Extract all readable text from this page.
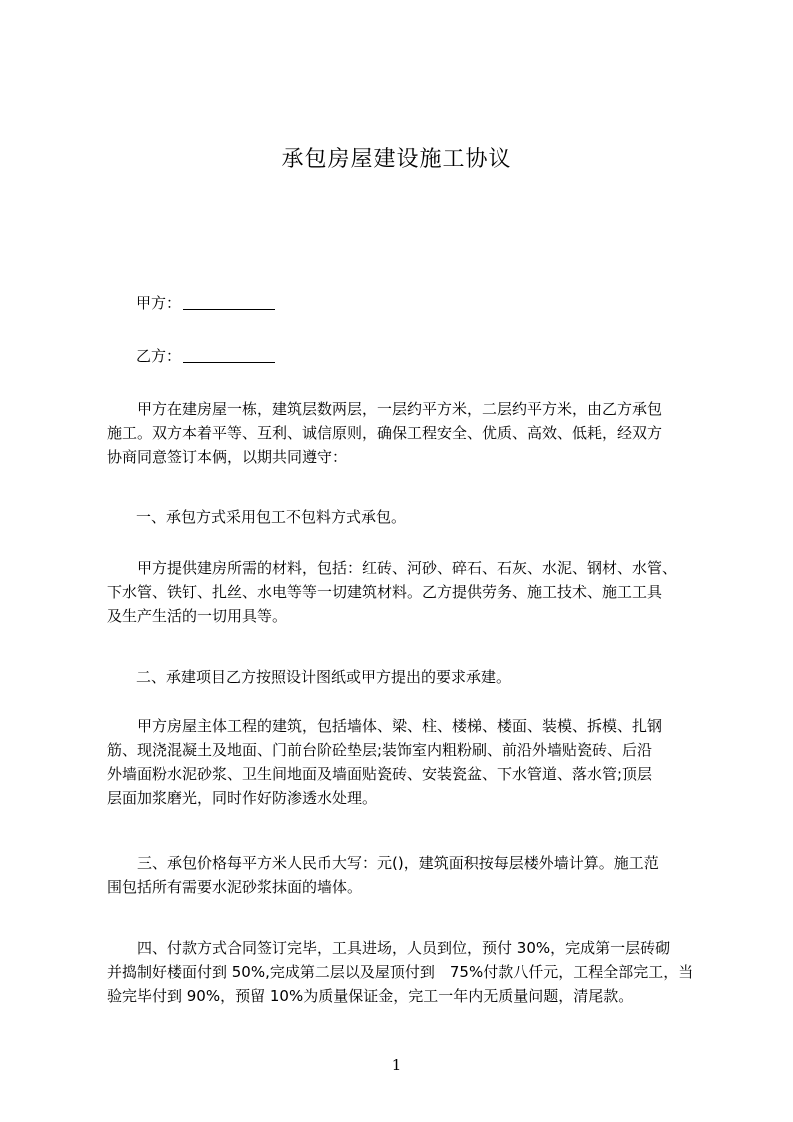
承包房屋建设施工协议
甲方：
乙方：
　　甲方在建房屋一栋，建筑层数两层，一层约平方米，二层约平方米，由乙方承包
施工。双方本着平等、互利、诚信原则，确保工程安全、优质、高效、低耗，经双方
协商同意签订本俩，以期共同遵守：
一、承包方式采用包工不包料方式承包。
　　甲方提供建房所需的材料，包括：红砖、河砂、碎石、石灰、水泥、钢材、水管、
下水管、铁钉、扎丝、水电等等一切建筑材料。乙方提供劳务、施工技术、施工工具
及生产生活的一切用具等。
二、承建项目乙方按照设计图纸或甲方提出的要求承建。
　　甲方房屋主体工程的建筑，包括墙体、梁、柱、楼梯、楼面、装模、拆模、扎钢
筋、现浇混凝土及地面、门前台阶砼垫层;装饰室内粗粉刷、前沿外墙贴瓷砖、后沿
外墙面粉水泥砂浆、卫生间地面及墙面贴瓷砖、安装瓷盆、下水管道、落水管;顶层
层面加浆磨光，同时作好防渗透水处理。
　　三、承包价格每平方米人民币大写：元()，建筑面积按每层楼外墙计算。施工范
围包括所有需要水泥砂浆抹面的墙体。
　　四、付款方式合同签订完毕，工具进场，人员到位，预付 30%，完成第一层砖砌
并捣制好楼面付到 50%,完成第二层以及屋顶付到　75%付款八仟元，工程全部完工，当
验完毕付到 90%，预留 10%为质量保证金，完工一年内无质量问题，清尾款。
1
